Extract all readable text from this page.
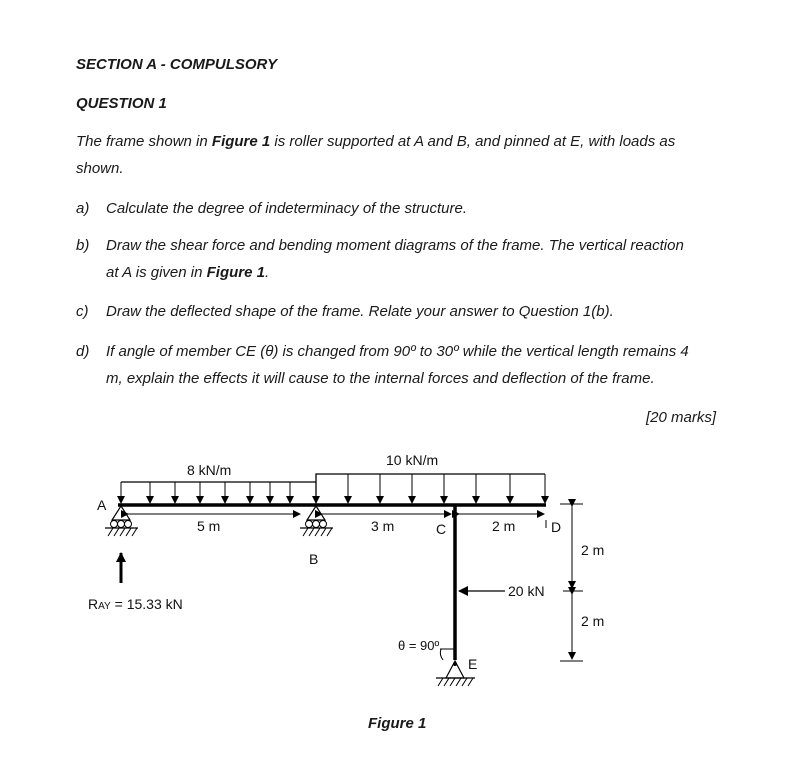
SECTION A - COMPULSORY
QUESTION 1
The frame shown in Figure 1 is roller supported at A and B, and pinned at E, with loads as
shown.
a) Calculate the degree of indeterminacy of the structure.
b) Draw the shear force and bending moment diagrams of the frame. The vertical reaction
at A is given in Figure 1.
c) Draw the deflected shape of the frame. Relate your answer to Question 1(b).
d) If angle of member CE (θ) is changed from 90º to 30º while the vertical length remains 4
m, explain the effects it will cause to the internal forces and deflection of the frame.
[20 marks]
8 kN/m
10 kN/m
A
5 m
B
3 m	C	2 m	D
2 m
2 m
20 kN
RAY = 15.33 kN
θ = 90º
E
Figure 1
